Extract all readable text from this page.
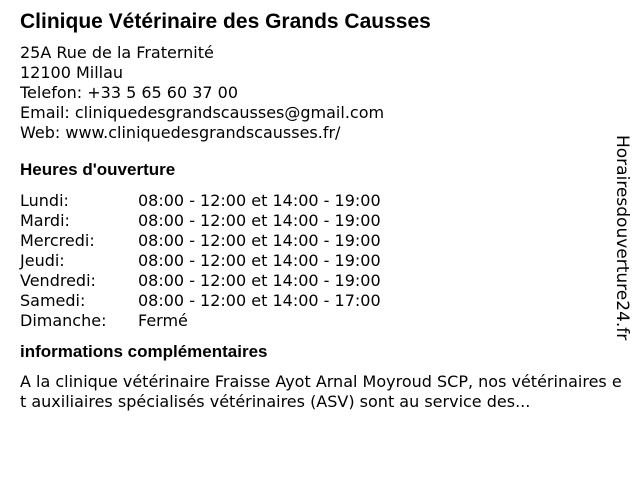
Clinique Vétérinaire des Grands Causses
25A Rue de la Fraternité
12100 Millau
Telefon: +33 5 65 60 37 00
Email: cliniquedesgrandscausses@gmail.com
Web: www.cliniquedesgrandscausses.fr/
Heures d'ouverture
Lundi:	08:00 - 12:00 et 14:00 - 19:00
Mardi:	08:00 - 12:00 et 14:00 - 19:00
Mercredi:	08:00 - 12:00 et 14:00 - 19:00
Jeudi:	08:00 - 12:00 et 14:00 - 19:00
Vendredi:	08:00 - 12:00 et 14:00 - 19:00
Samedi:	08:00 - 12:00 et 14:00 - 17:00
Dimanche:	Fermé
informations complémentaires
A la clinique vétérinaire Fraisse Ayot Arnal Moyroud SCP, nos vétérinaires et auxiliaires spécialisés vétérinaires (ASV) sont au service des...
Horairesdouverture24.fr
